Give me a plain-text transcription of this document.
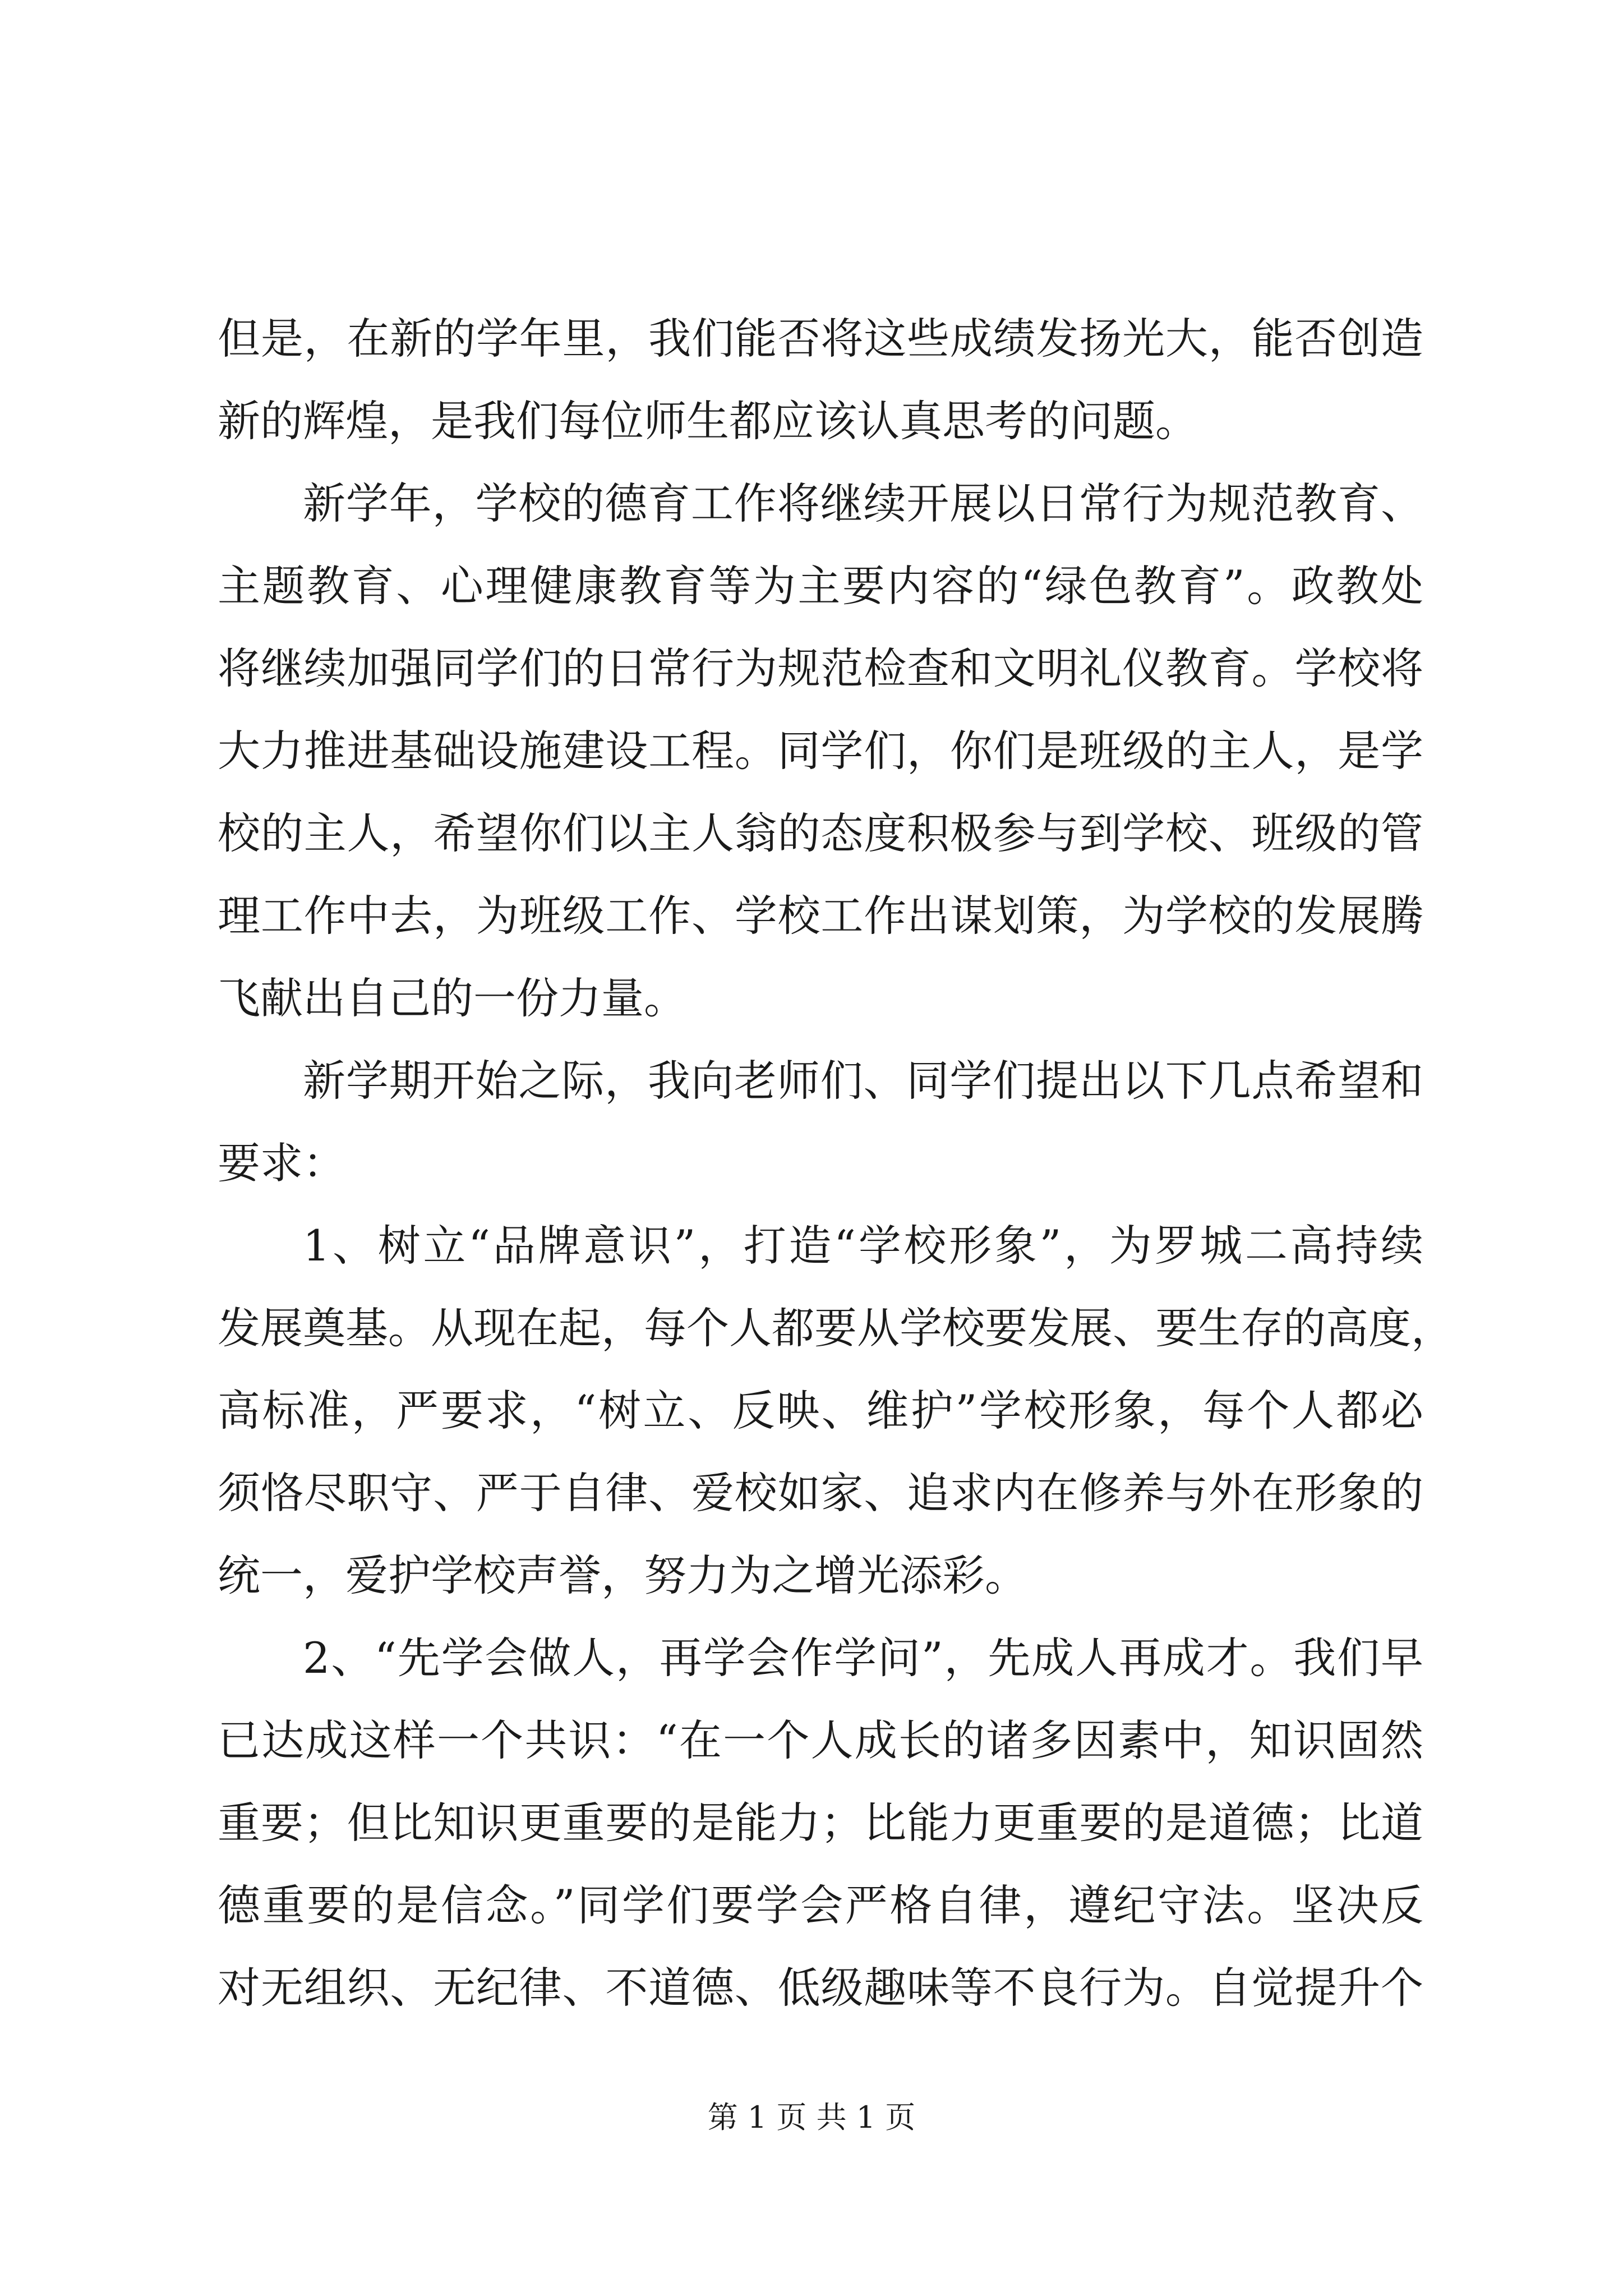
但是，在新的学年里，我们能否将这些成绩发扬光大，能否创造
新的辉煌，是我们每位师生都应该认真思考的问题。
新学年，学校的德育工作将继续开展以日常行为规范教育、
主题教育、心理健康教育等为主要内容的“绿色教育”。政教处
将继续加强同学们的日常行为规范检查和文明礼仪教育。学校将
大力推进基础设施建设工程。同学们，你们是班级的主人，是学
校的主人，希望你们以主人翁的态度积极参与到学校、班级的管
理工作中去，为班级工作、学校工作出谋划策，为学校的发展腾
飞献出自己的一份力量。
新学期开始之际，我向老师们、同学们提出以下几点希望和
要求：
1、树立“品牌意识”，打造“学校形象”，为罗城二高持续
发展奠基。从现在起，每个人都要从学校要发展、要生存的高度，
高标准，严要求，“树立、反映、维护”学校形象，每个人都必
须恪尽职守、严于自律、爱校如家、追求内在修养与外在形象的
统一，爱护学校声誉，努力为之增光添彩。
2、“先学会做人，再学会作学问”，先成人再成才。我们早
已达成这样一个共识：“在一个人成长的诸多因素中，知识固然
重要；但比知识更重要的是能力；比能力更重要的是道德；比道
德重要的是信念。”同学们要学会严格自律，遵纪守法。坚决反
对无组织、无纪律、不道德、低级趣味等不良行为。自觉提升个
第 1 页 共 1 页
